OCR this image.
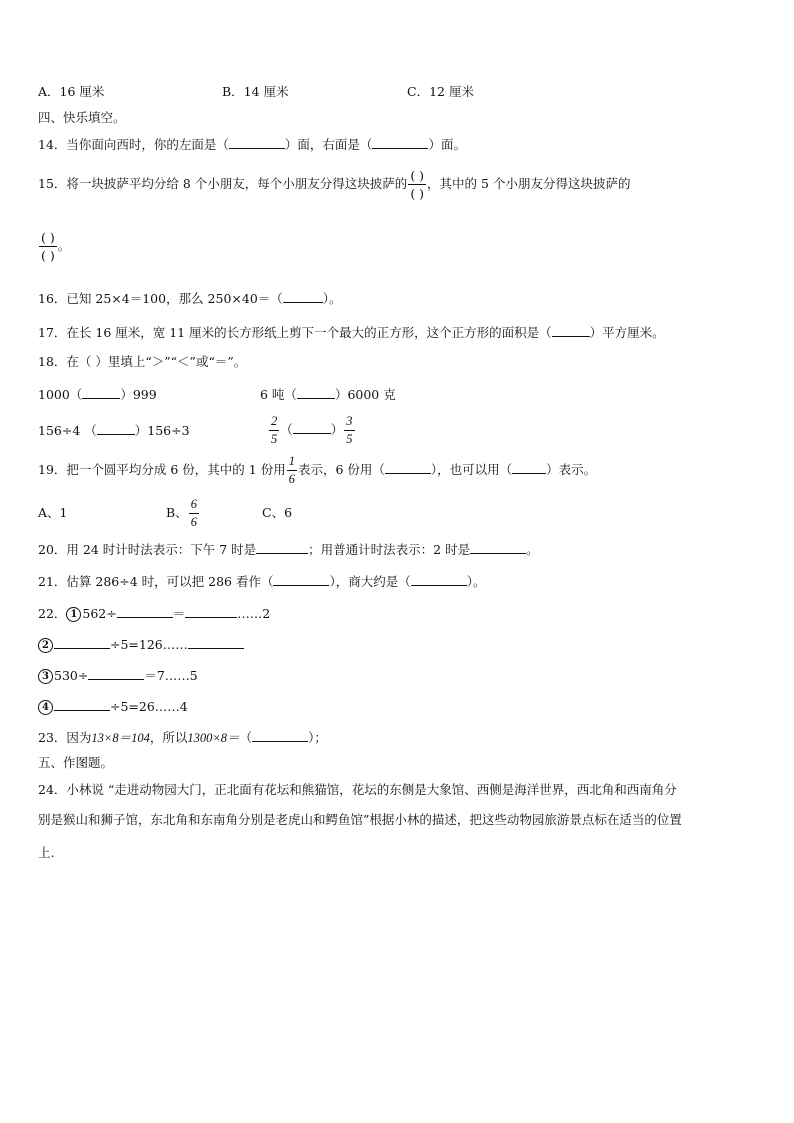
A．16 厘米	B．14 厘米	C．12 厘米
四、快乐填空。
14．当你面向西时，你的左面是（	）面，右面是（	）面。
15．将一块披萨平均分给 8 个小朋友，每个小朋友分得这块披萨的 $\frac{( )}{( )}$ ，其中的 5 个小朋友分得这块披萨的
$\frac{( )}{( )}$ 。
16．已知 25×4＝100，那么 250×40＝（	）。
17．在长 16 厘米，宽 11 厘米的长方形纸上剪下一个最大的正方形，这个正方形的面积是（	）平方厘米。
18．在（ ）里填上“＞”“＜”或“＝”。
1000（	）999	6 吨（	）6000 克
156÷4 （	）156÷3	$\frac{2}{5}$ （	） $\frac{3}{5}$
19．把一个圆平均分成 6 份，其中的 1 份用 $\frac{1}{6}$ 表示，6 份用（	），也可以用（	）表示。
A、1	B、 $\frac{6}{6}$	C、6
20．用 24 时计时法表示：下午 7 时是	；用普通计时法表示：2 时是	。
21．估算 286÷4 时，可以把 286 看作（	），商大约是（	）。
22． 1 562÷	＝	……2
2	÷5=126……
3 530÷	＝7……5
4	÷5=26……4
23．因为13×8＝104，所以1300×8＝（	）；
五、作图题。
24．小林说 “走进动物园大门，正北面有花坛和熊猫馆，花坛的东侧是大象馆、西侧是海洋世界，西北角和西南角分
别是猴山和狮子馆，东北角和东南角分别是老虎山和鳄鱼馆”根据小林的描述，把这些动物园旅游景点标在适当的位置
上.
